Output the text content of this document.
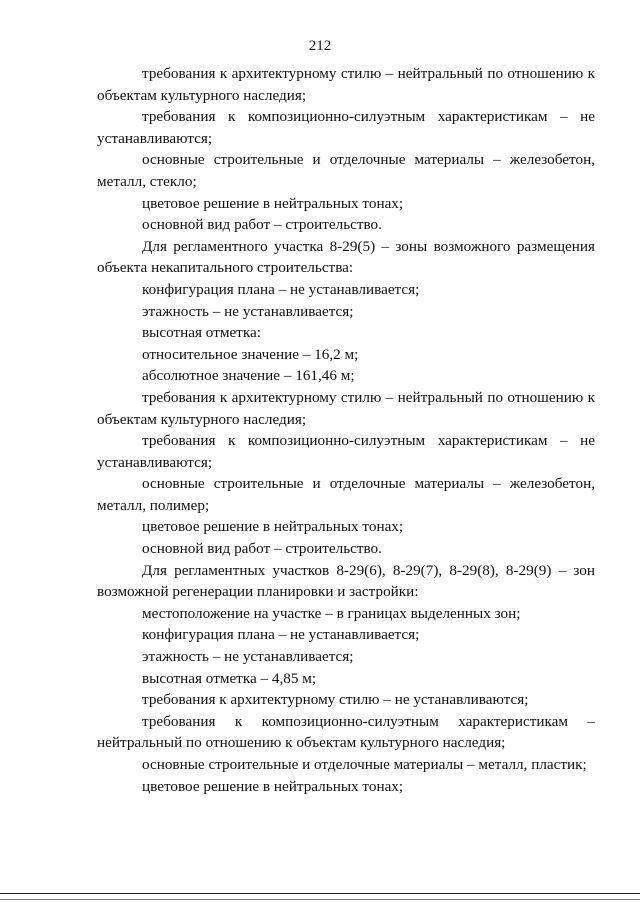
212

требования к архитектурному стилю – нейтральный по отношению к объектам культурного наследия;

требования к композиционно-силуэтным характеристикам – не устанавливаются;

основные строительные и отделочные материалы – железобетон, металл, стекло;

цветовое решение в нейтральных тонах;

основной вид работ – строительство.

Для регламентного участка 8-29(5) – зоны возможного размещения объекта некапитального строительства:

конфигурация плана – не устанавливается;

этажность – не устанавливается;

высотная отметка:

относительное значение – 16,2 м;

абсолютное значение – 161,46 м;

требования к архитектурному стилю – нейтральный по отношению к объектам культурного наследия;

требования к композиционно-силуэтным характеристикам – не устанавливаются;

основные строительные и отделочные материалы – железобетон, металл, полимер;

цветовое решение в нейтральных тонах;

основной вид работ – строительство.

Для регламентных участков 8-29(6), 8-29(7), 8-29(8), 8-29(9) – зон возможной регенерации планировки и застройки:

местоположение на участке – в границах выделенных зон;

конфигурация плана – не устанавливается;

этажность – не устанавливается;

высотная отметка – 4,85 м;

требования к архитектурному стилю – не устанавливаются;

требования к композиционно-силуэтным характеристикам – нейтральный по отношению к объектам культурного наследия;

основные строительные и отделочные материалы – металл, пластик;

цветовое решение в нейтральных тонах;
